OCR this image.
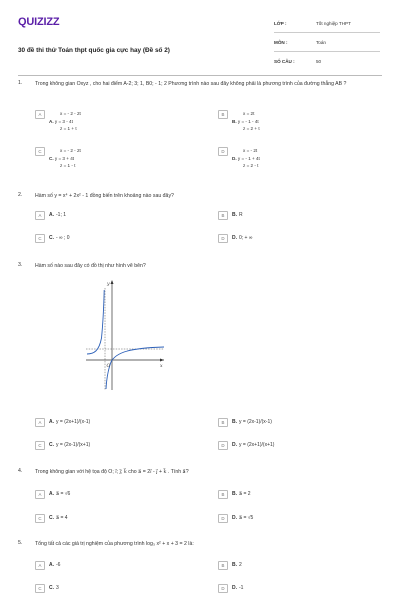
QUIZIZZ
30 đề thi thử Toán thpt quốc gia cực hay (Đề số 2)
LỚP :	Tốt nghiệp THPT
MÔN :	Toán
SỐ CÂU :	50
1. Trong không gian Oxyz , cho hai điểm A-2; 3; 1, B0; - 1; 2 Phương trình nào sau đây không phải là phương trình của đường thẳng AB ?
A	x = - 2 - 2t
A. y = 3 - 4t
z = 1 + t
B	x = 2t
B. y = - 1 - 4t
z = 2 + t
C	x = - 2 - 2t
C. y = 3 + 4t
z = 1 - t
D	x = - 2t
D. y = - 1 + 4t
z = 2 - t
2. Hàm số y = x⁴ + 2x² - 1 đồng biến trên khoảng nào sau đây?
A	A. -1; 1	B	B. R
C	C. - ∞ ; 0	D	D. 0; + ∞
3. Hàm số nào sau đây có đồ thị như hình vẽ bên?
A	A. y = (2x+1)/(x-1)	B	B. y = (2x-1)/(x-1)
C	C. y = (2x-1)/(x+1)	D	D. y = (2x+1)/(x+1)
y
x
O
4. Trong không gian với hệ tọa độ O; i⃗; j⃗; k⃗ cho a⃗ = 2i⃗ - j⃗ + k⃗ . Tính a⃗?
A	A. a⃗ = √6	B	B. a⃗ = 2
C	C. a⃗ = 4	D	D. a⃗ = √5
5. Tổng tất cả các giá trị nghiệm của phương trình log₃ x² + x + 3 = 2 là:
A	A. -6	B	B. 2
C	C. 3	D	D. -1
